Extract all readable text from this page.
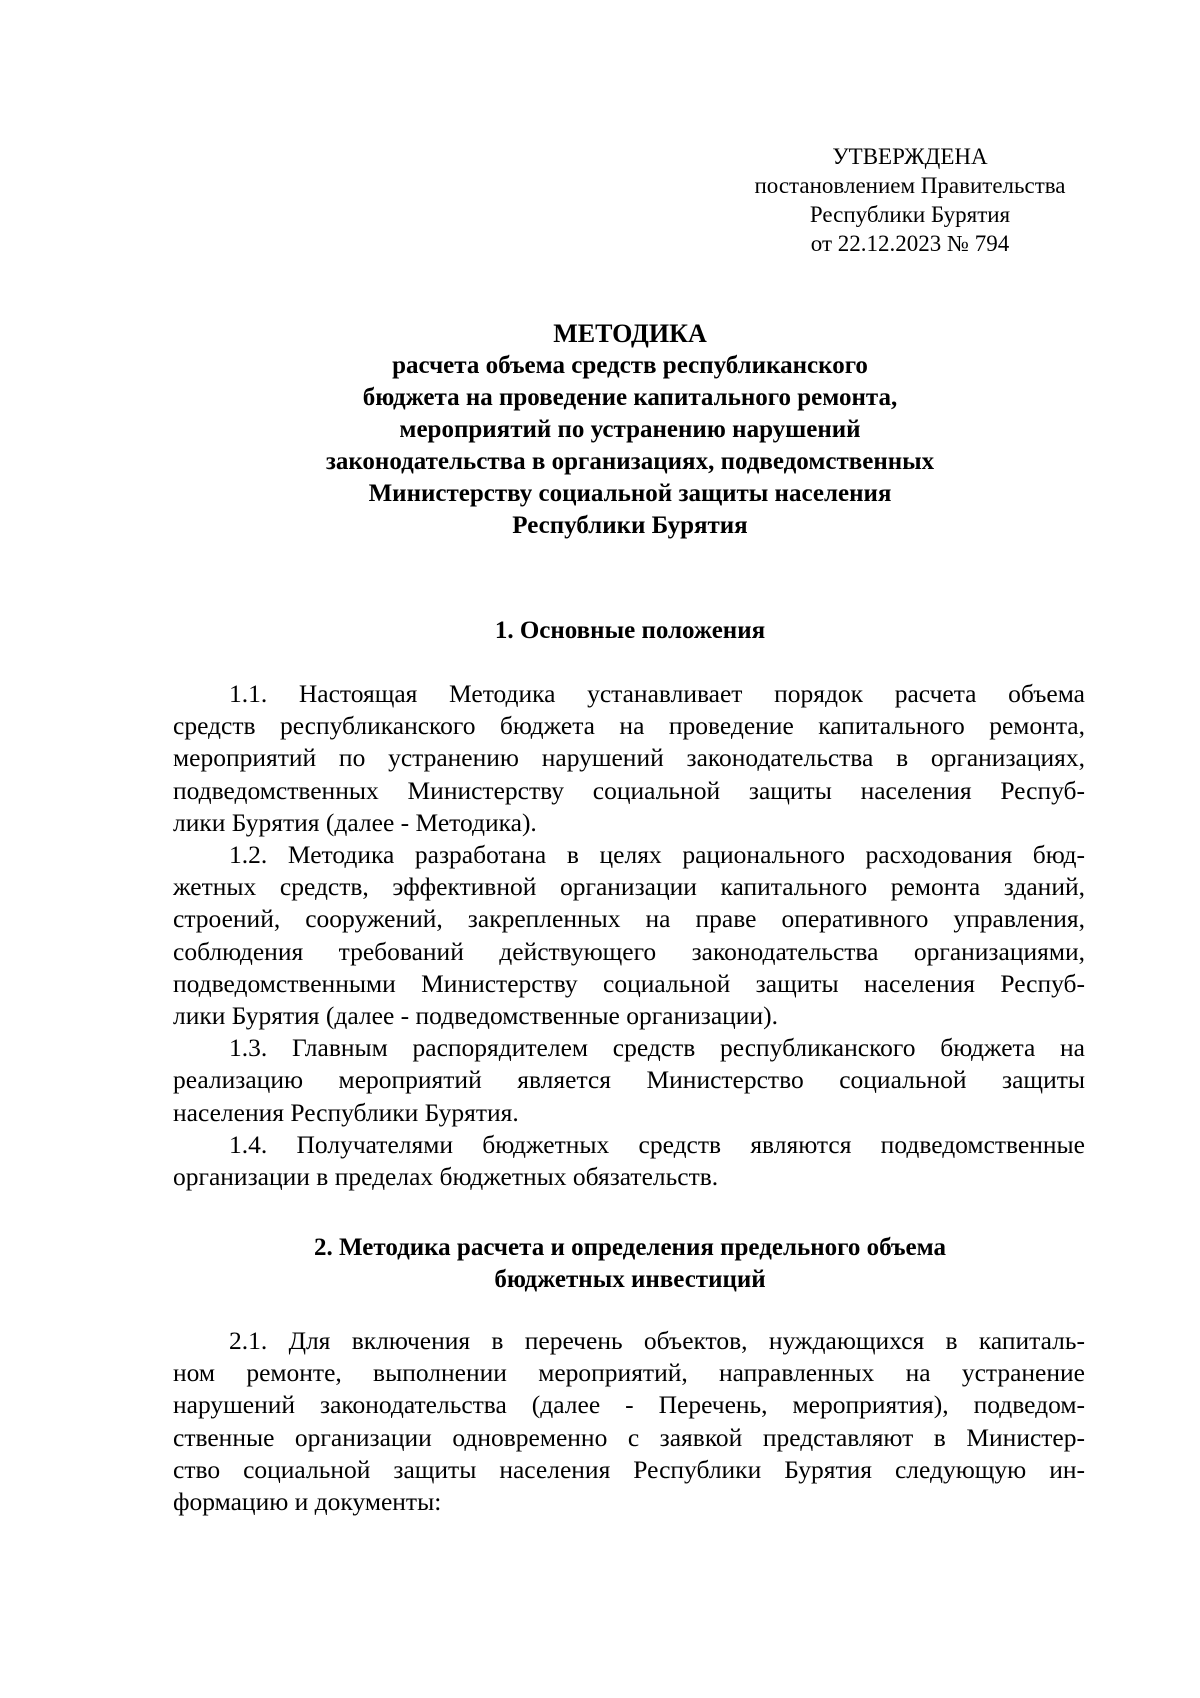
УТВЕРЖДЕНА
постановлением Правительства
Республики Бурятия
от 22.12.2023 № 794
МЕТОДИКА
расчета объема средств республиканского
бюджета на проведение капитального ремонта,
мероприятий по устранению нарушений
законодательства в организациях, подведомственных
Министерству социальной защиты населения
Республики Бурятия
1. Основные положения
1.1. Настоящая Методика устанавливает порядок расчета объема
средств республиканского бюджета на проведение капитального ремонта,
мероприятий по устранению нарушений законодательства в организациях,
подведомственных Министерству социальной защиты населения Респуб-
лики Бурятия (далее - Методика).
1.2. Методика разработана в целях рационального расходования бюд-
жетных средств, эффективной организации капитального ремонта зданий,
строений, сооружений, закрепленных на праве оперативного управления,
соблюдения требований действующего законодательства организациями,
подведомственными Министерству социальной защиты населения Респуб-
лики Бурятия (далее - подведомственные организации).
1.3. Главным распорядителем средств республиканского бюджета на
реализацию мероприятий является Министерство социальной защиты
населения Республики Бурятия.
1.4. Получателями бюджетных средств являются подведомственные
организации в пределах бюджетных обязательств.
2. Методика расчета и определения предельного объема
бюджетных инвестиций
2.1. Для включения в перечень объектов, нуждающихся в капиталь-
ном ремонте, выполнении мероприятий, направленных на устранение
нарушений законодательства (далее - Перечень, мероприятия), подведом-
ственные организации одновременно с заявкой представляют в Министер-
ство социальной защиты населения Республики Бурятия следующую ин-
формацию и документы:
